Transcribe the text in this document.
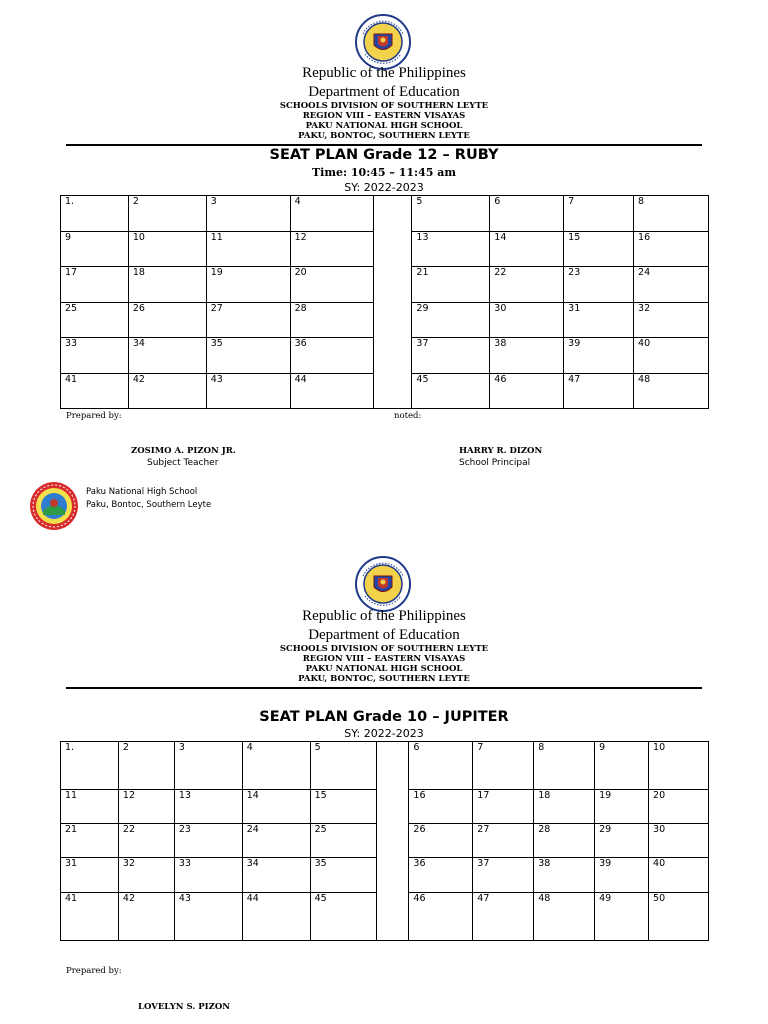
Republic of the Philippines
Department of Education
SCHOOLS DIVISION OF SOUTHERN LEYTE
REGION VIII – EASTERN VISAYAS
PAKU NATIONAL HIGH SCHOOL
PAKU, BONTOC, SOUTHERN LEYTE
SEAT PLAN Grade 12 – RUBY
Time: 10:45 – 11:45 am
SY: 2022-2023
1.	2	3	4		5	6	7	8
9	10	11	12		13	14	15	16
17	18	19	20		21	22	23	24
25	26	27	28		29	30	31	32
33	34	35	36		37	38	39	40
41	42	43	44		45	46	47	48
Prepared by:	noted:
ZOSIMO A. PIZON JR.
Subject Teacher
HARRY R. DIZON
School Principal
Paku National High School
Paku, Bontoc, Southern Leyte
Republic of the Philippines
Department of Education
SCHOOLS DIVISION OF SOUTHERN LEYTE
REGION VIII – EASTERN VISAYAS
PAKU NATIONAL HIGH SCHOOL
PAKU, BONTOC, SOUTHERN LEYTE
SEAT PLAN Grade 10 – JUPITER
SY: 2022-2023
1.	2	3	4	5		6	7	8	9	10
11	12	13	14	15		16	17	18	19	20
21	22	23	24	25		26	27	28	29	30
31	32	33	34	35		36	37	38	39	40
41	42	43	44	45		46	47	48	49	50
Prepared by:
LOVELYN S. PIZON
